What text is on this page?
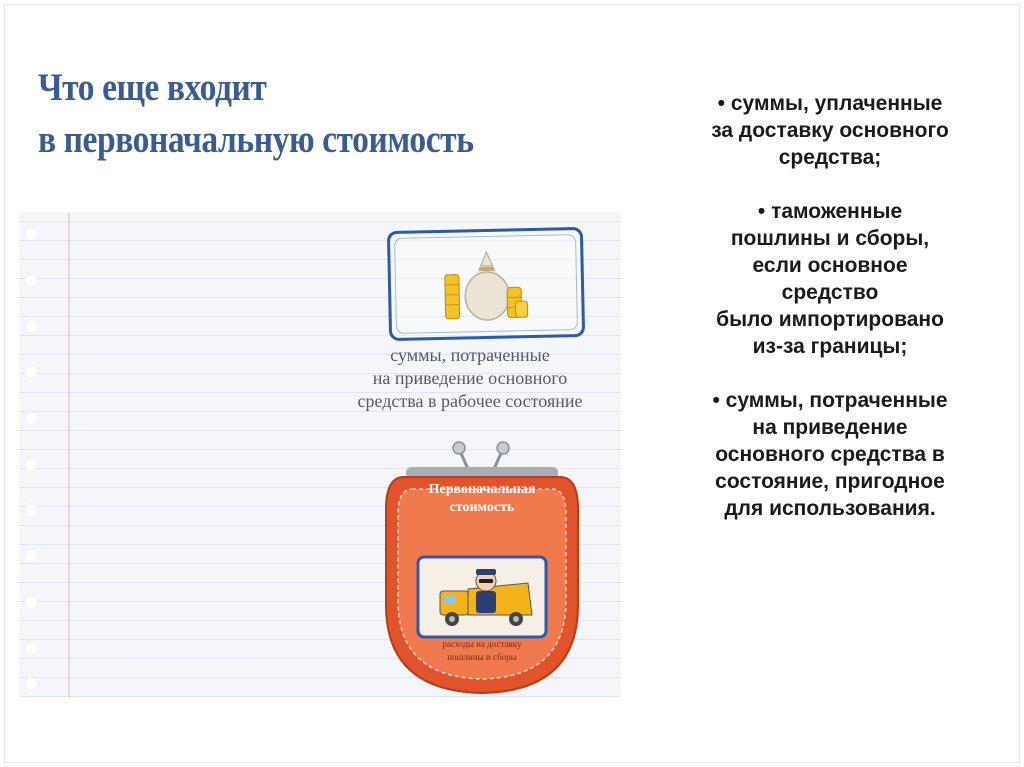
Что еще входит
в первоначальную стоимость
суммы, потраченные
на приведение основного
средства в рабочее состояние
Первоначальная
стоимость
расходы на доставку
пошлины и сборы
• суммы, уплаченные
за доставку основного
средства;
• таможенные
пошлины и сборы,
если основное
средство
было импортировано
из-за границы;
• суммы, потраченные
на приведение
основного средства в
состояние, пригодное
для использования.
